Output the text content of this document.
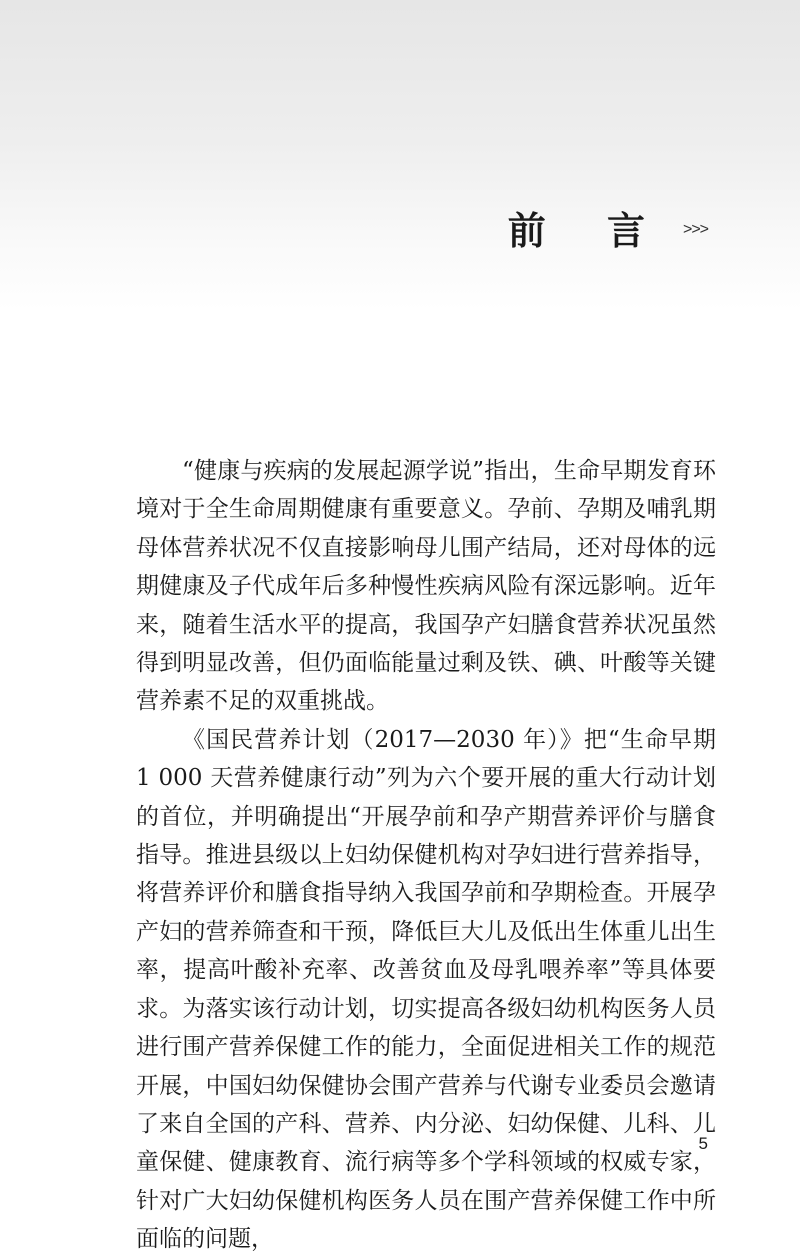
前 言 >>>

“健康与疾病的发展起源学说”指出，生命早期发育环境对于全生命周期健康有重要意义。孕前、孕期及哺乳期母体营养状况不仅直接影响母儿围产结局，还对母体的远期健康及子代成年后多种慢性疾病风险有深远影响。近年来，随着生活水平的提高，我国孕产妇膳食营养状况虽然得到明显改善，但仍面临能量过剩及铁、碘、叶酸等关键营养素不足的双重挑战。

《国民营养计划（2017—2030 年）》把“生命早期 1 000 天营养健康行动”列为六个要开展的重大行动计划的首位，并明确提出“开展孕前和孕产期营养评价与膳食指导。推进县级以上妇幼保健机构对孕妇进行营养指导，将营养评价和膳食指导纳入我国孕前和孕期检查。开展孕产妇的营养筛查和干预，降低巨大儿及低出生体重儿出生率，提高叶酸补充率、改善贫血及母乳喂养率”等具体要求。为落实该行动计划，切实提高各级妇幼机构医务人员进行围产营养保健工作的能力，全面促进相关工作的规范开展，中国妇幼保健协会围产营养与代谢专业委员会邀请了来自全国的产科、营养、内分泌、妇幼保健、儿科、儿童保健、健康教育、流行病等多个学科领域的权威专家，针对广大妇幼保健机构医务人员在围产营养保健工作中所面临的问题，

5
